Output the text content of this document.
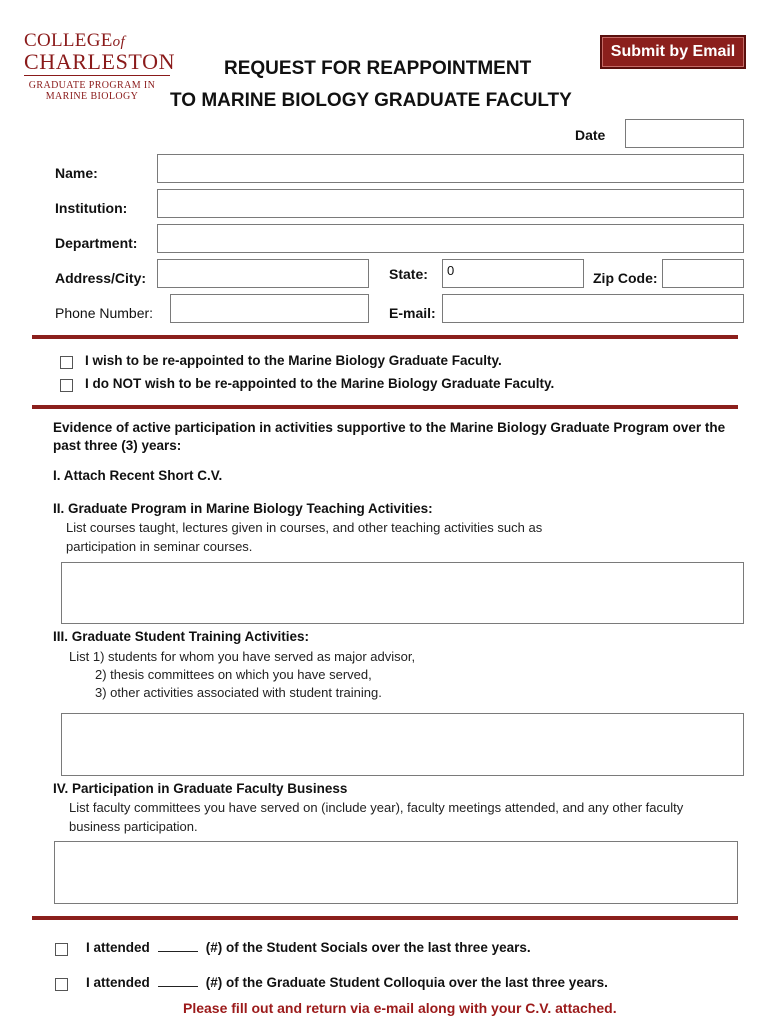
COLLEGEof
CHARLESTON
GRADUATE PROGRAM IN
MARINE BIOLOGY
Submit by Email
REQUEST FOR REAPPOINTMENT
TO MARINE BIOLOGY GRADUATE FACULTY
Date
Name:
Institution:
Department:
Address/City:	State:	0	Zip Code:
Phone Number:	E-mail:
I wish to be re-appointed to the Marine Biology Graduate Faculty.
I do NOT wish to be re-appointed to the Marine Biology Graduate Faculty.
Evidence of active participation in activities supportive to the Marine Biology Graduate Program over the past three (3) years:
I. Attach Recent Short C.V.
II. Graduate Program in Marine Biology Teaching Activities:
List courses taught, lectures given in courses, and other teaching activities such as
participation in seminar courses.
III. Graduate Student Training Activities:
List 1) students for whom you have served as major advisor,
2) thesis committees on which you have served,
3) other activities associated with student training.
IV. Participation in Graduate Faculty Business
List faculty committees you have served on (include year), faculty meetings attended, and any other faculty
business participation.
I attended	(#) of the Student Socials over the last three years.
I attended	(#) of the Graduate Student Colloquia over the last three years.
Please fill out and return via e-mail along with your C.V. attached.
